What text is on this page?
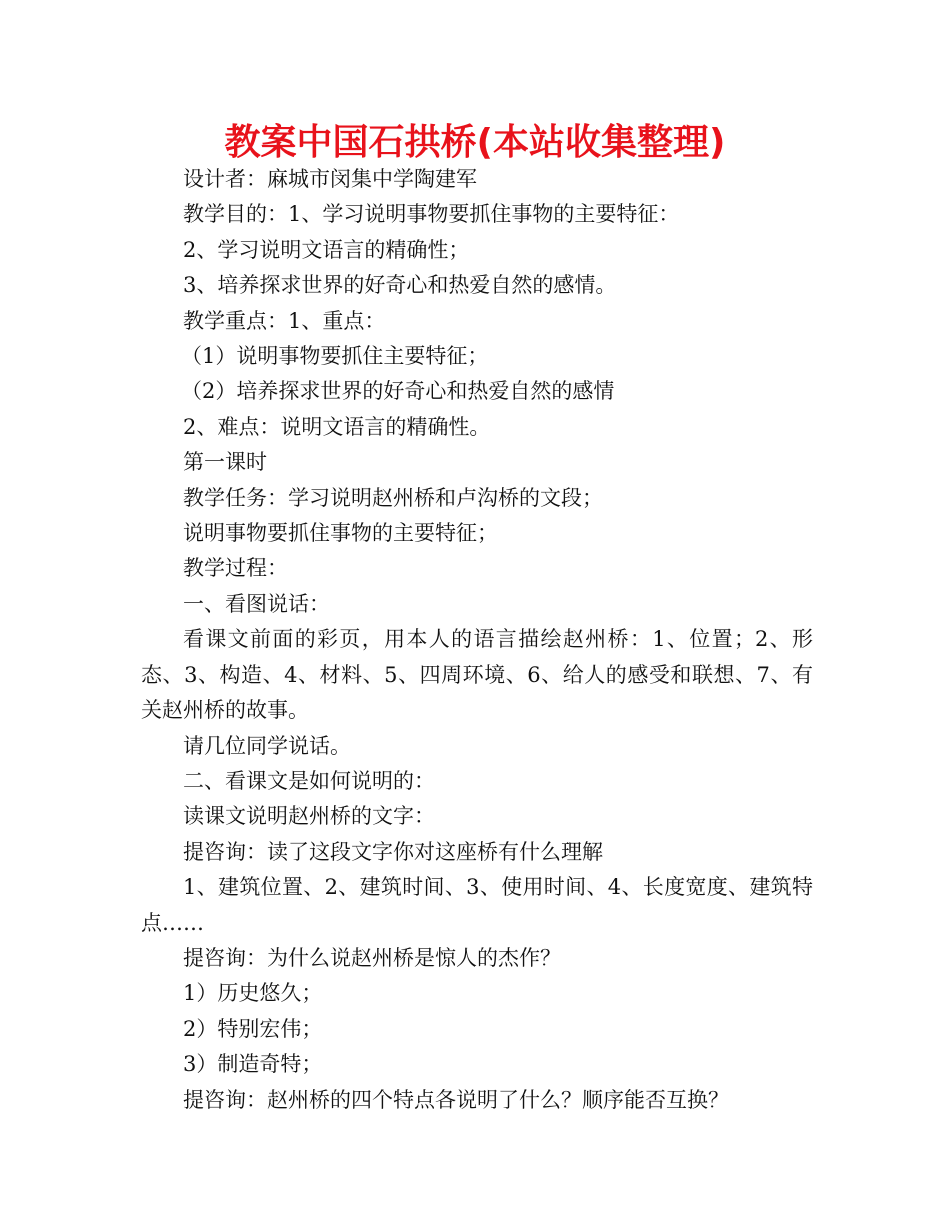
教案中国石拱桥(本站收集整理)

设计者：麻城市闵集中学陶建军

教学目的：1、学习说明事物要抓住事物的主要特征：

2、学习说明文语言的精确性；

3、培养探求世界的好奇心和热爱自然的感情。

教学重点：1、重点：

（1）说明事物要抓住主要特征；

（2）培养探求世界的好奇心和热爱自然的感情

2、难点：说明文语言的精确性。

第一课时

教学任务：学习说明赵州桥和卢沟桥的文段；

说明事物要抓住事物的主要特征；

教学过程：

一、看图说话：

看课文前面的彩页，用本人的语言描绘赵州桥：1、位置；2、形态、3、构造、4、材料、5、四周环境、6、给人的感受和联想、7、有关赵州桥的故事。

请几位同学说话。

二、看课文是如何说明的：

读课文说明赵州桥的文字：

提咨询：读了这段文字你对这座桥有什么理解

1、建筑位置、2、建筑时间、3、使用时间、4、长度宽度、建筑特点……

提咨询：为什么说赵州桥是惊人的杰作？

1）历史悠久；

2）特别宏伟；

3）制造奇特；

提咨询：赵州桥的四个特点各说明了什么？顺序能否互换？
